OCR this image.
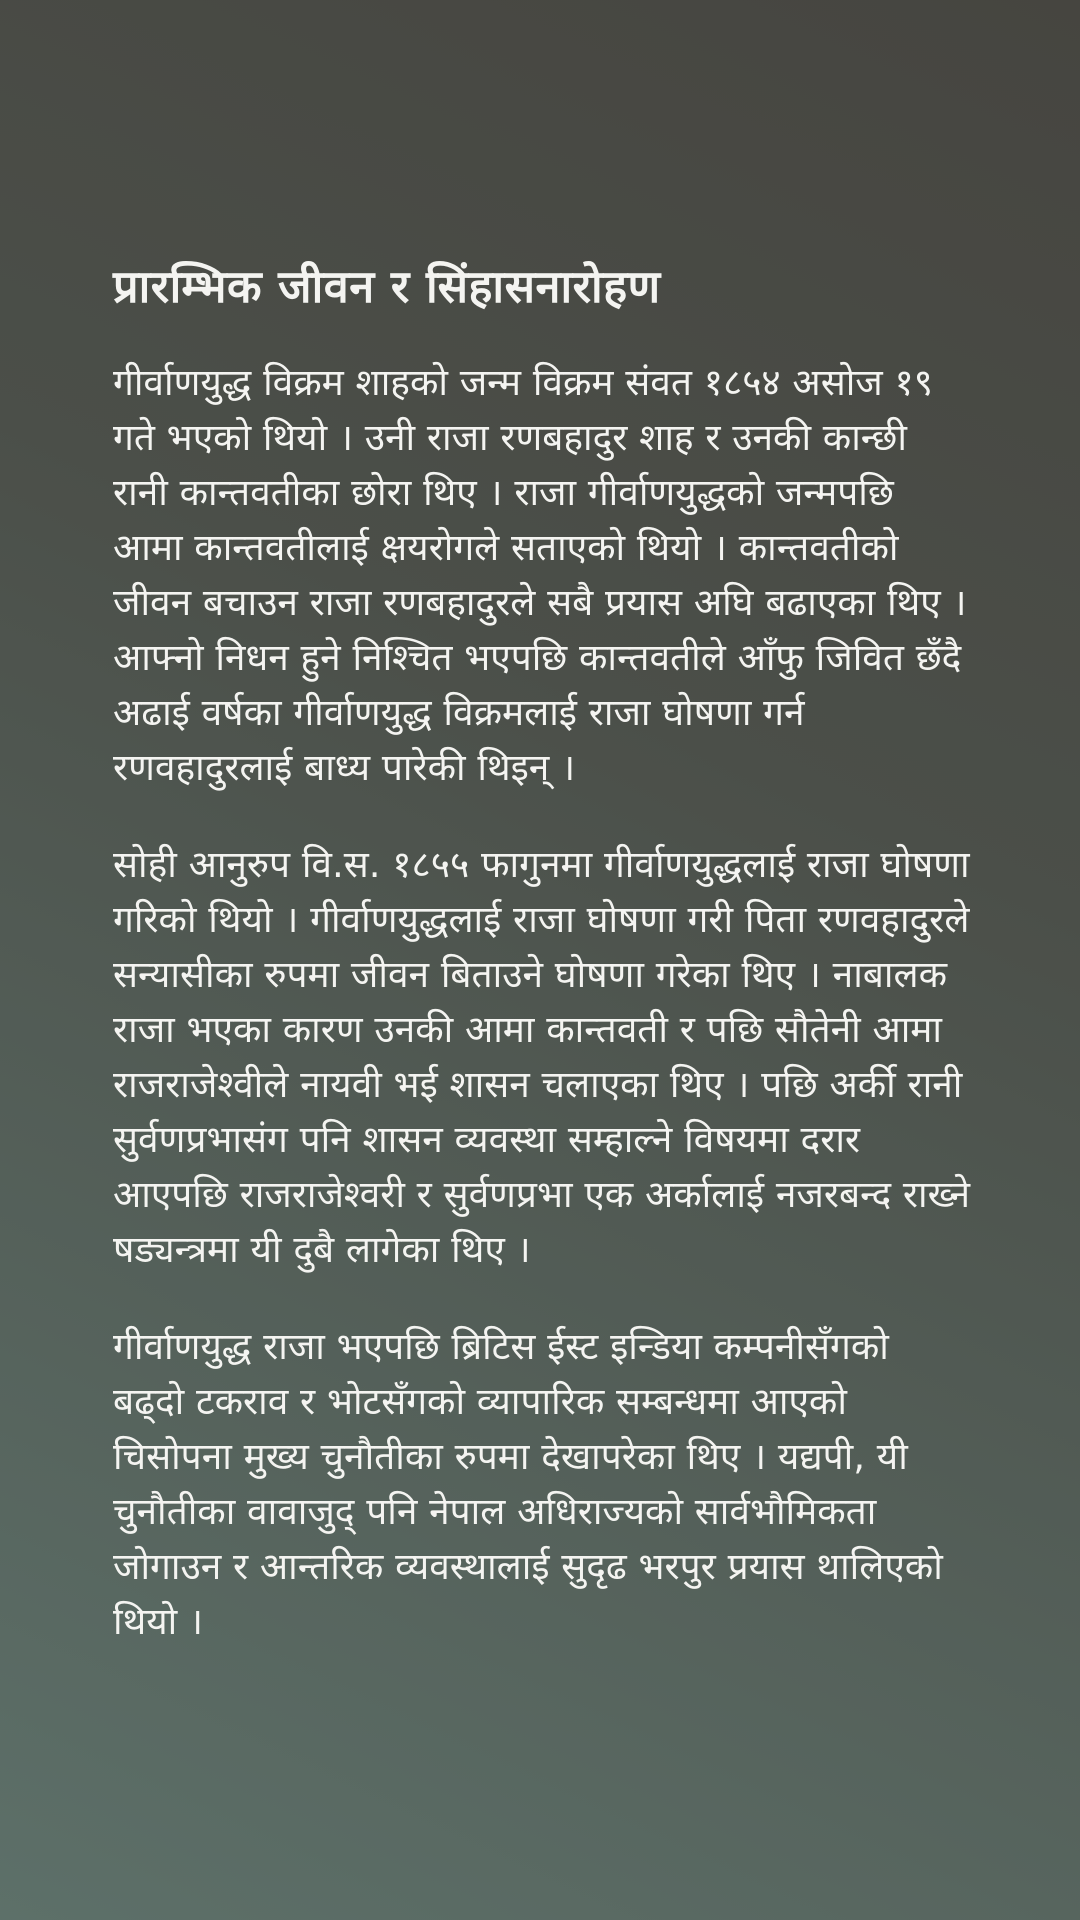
प्रारम्भिक जीवन र सिंहासनारोहण

गीर्वाणयुद्ध विक्रम शाहको जन्म विक्रम संवत १८५४ असोज १९ गते भएको थियो । उनी राजा रणबहादुर शाह र उनकी कान्छी रानी कान्तवतीका छोरा थिए । राजा गीर्वाणयुद्धको जन्मपछि आमा कान्तवतीलाई क्षयरोगले सताएको थियो । कान्तवतीको जीवन बचाउन राजा रणबहादुरले सबै प्रयास अघि बढाएका थिए । आफ्नो निधन हुने निश्चित भएपछि कान्तवतीले आँफु जिवित छँदै अढाई वर्षका गीर्वाणयुद्ध विक्रमलाई राजा घोषणा गर्न रणवहादुरलाई बाध्य पारेकी थिइन् ।

सोही आनुरुप वि.स. १८५५ फागुनमा गीर्वाणयुद्धलाई राजा घोषणा गरिको थियो । गीर्वाणयुद्धलाई राजा घोषणा गरी पिता रणवहादुरले सन्यासीका रुपमा जीवन बिताउने घोषणा गरेका थिए । नाबालक राजा भएका कारण उनकी आमा कान्तवती र पछि सौतेनी आमा राजराजेश्वीले नायवी भई शासन चलाएका थिए । पछि अर्की रानी सुर्वणप्रभासंग पनि शासन व्यवस्था सम्हाल्ने विषयमा दरार आएपछि राजराजेश्वरी र सुर्वणप्रभा एक अर्कालाई नजरबन्द राख्ने षड्यन्त्रमा यी दुबै लागेका थिए ।

गीर्वाणयुद्ध राजा भएपछि ब्रिटिस ईस्ट इन्डिया कम्पनीसँगको बढ्दो टकराव र भोटसँगको व्यापारिक सम्बन्धमा आएको चिसोपना मुख्य चुनौतीका रुपमा देखापरेका थिए । यद्यपी, यी चुनौतीका वावाजुद् पनि नेपाल अधिराज्यको सार्वभौमिकता जोगाउन र आन्तरिक व्यवस्थालाई सुदृढ भरपुर प्रयास थालिएको थियो ।
